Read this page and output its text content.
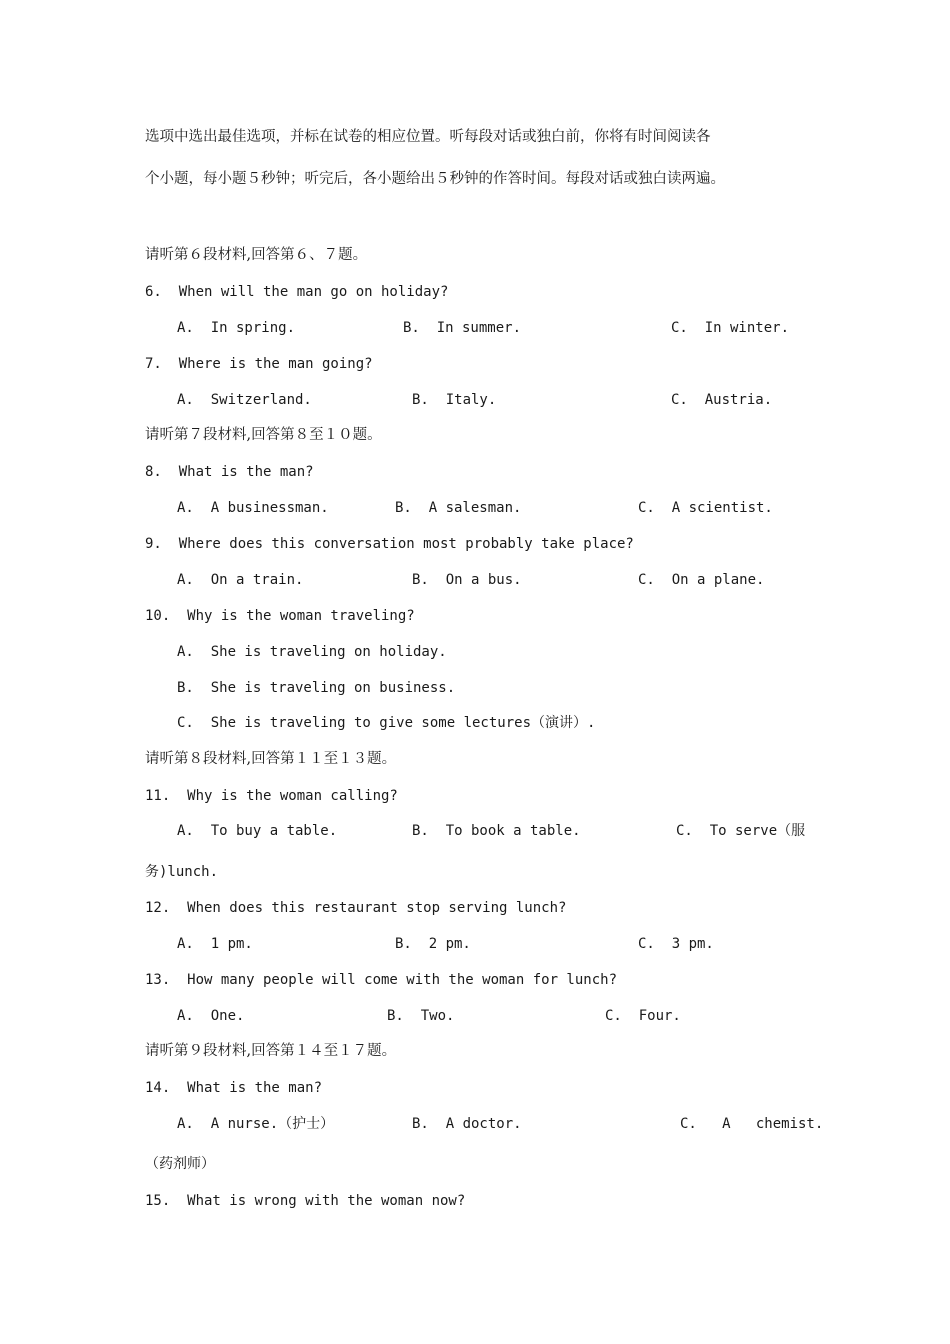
选项中选出最佳选项，并标在试卷的相应位置。听每段对话或独白前，你将有时间阅读各
个小题，每小题５秒钟；听完后，各小题给出５秒钟的作答时间。每段对话或独白读两遍。
请听第６段材料,回答第６、７题。
6.  When will the man go on holiday?
A.  In spring.	B.  In summer.	C.  In winter.
7.  Where is the man going?
A.  Switzerland.	B.  Italy.	C.  Austria.
请听第７段材料,回答第８至１０题。
8.  What is the man?
A.  A businessman.	B.  A salesman.	C.  A scientist.
9.  Where does this conversation most probably take place?
A.  On a train.	B.  On a bus.	C.  On a plane.
10.  Why is the woman traveling?
A.  She is traveling on holiday.
B.  She is traveling on business.
C.  She is traveling to give some lectures（演讲）.
请听第８段材料,回答第１１至１３题。
11.  Why is the woman calling?
A.  To buy a table.	B.  To book a table.	C.  To serve（服
务)lunch.
12.  When does this restaurant stop serving lunch?
A.  1 pm.	B.  2 pm.	C.  3 pm.
13.  How many people will come with the woman for lunch?
A.  One.	B.  Two.	C.  Four.
请听第９段材料,回答第１４至１７题。
14.  What is the man?
A.  A nurse.（护士）	B.  A doctor.	C.   A   chemist.
（药剂师）
15.  What is wrong with the woman now?
